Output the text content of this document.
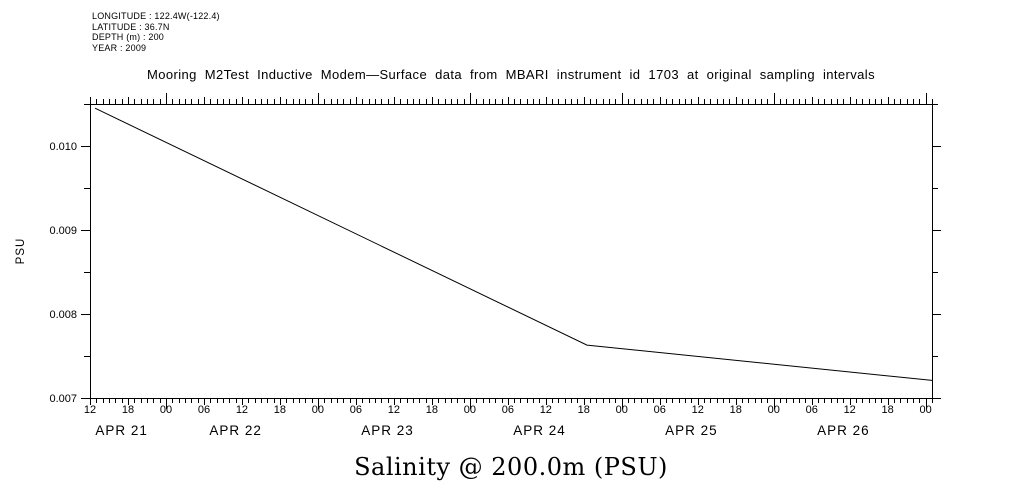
LONGITUDE : 122.4W(-122.4)
LATITUDE : 36.7N
DEPTH (m) : 200
YEAR : 2009
Mooring M2Test Inductive Modem—Surface data from MBARI instrument id 1703 at original sampling intervals
12 18 00 06 12 18 00 06 12 18 00 06 12 18 00 06 12 18 00 06 12 18 00
APR 21	APR 22	APR 23	APR 24	APR 25	APR 26
0.007
0.008
0.009
0.010
PSU
Salinity @ 200.0m (PSU)
